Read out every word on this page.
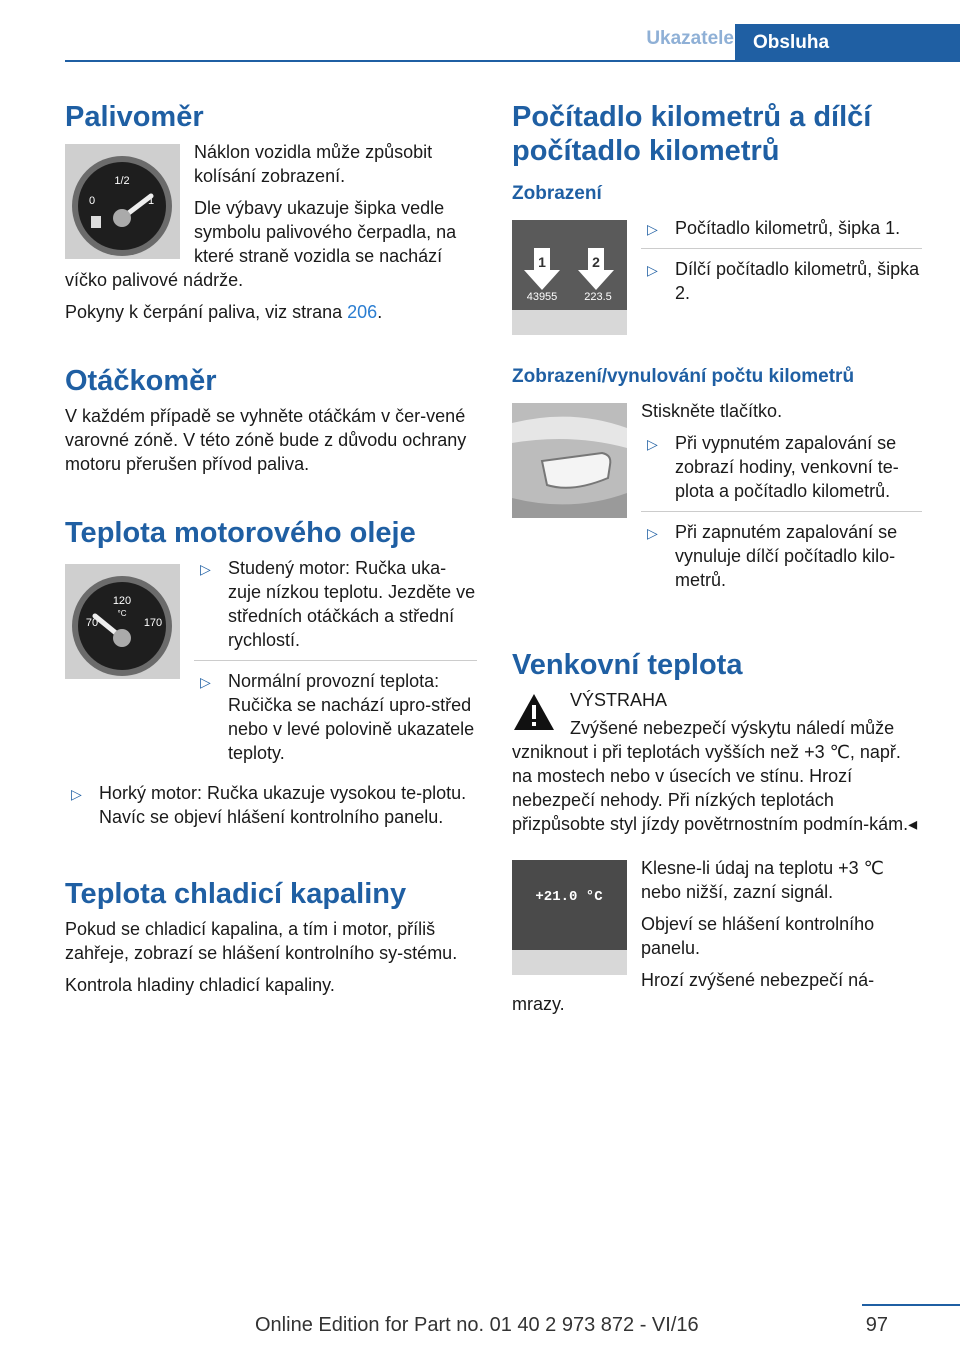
Ukazatele	Obsluha
Palivoměr
1/2
0	1

Náklon vozidla může způsobit kolísání zobrazení.

Dle výbavy ukazuje šipka vedle symbolu palivového čerpadla, na které straně vozidla se nachází víčko palivové nádrže.

Pokyny k čerpání paliva, viz strana 206.

Otáčkoměr

V každém případě se vyhněte otáčkám v čer-vené varovné zóně. V této zóně bude z důvodu ochrany motoru přerušen přívod paliva.

Teplota motorového oleje
120
°C
70	170
▷ Studený motor: Ručka uka-zuje nízkou teplotu. Jezděte ve středních otáčkách a střední rychlostí.
▷ Normální provozní teplota: Ručička se nachází upro-střed nebo v levé polovině ukazatele teploty.
▷ Horký motor: Ručka ukazuje vysokou te-plotu. Navíc se objeví hlášení kontrolního panelu.
Teplota chladicí kapaliny

Pokud se chladicí kapalina, a tím i motor, příliš zahřeje, zobrazí se hlášení kontrolního sy-stému.

Kontrola hladiny chladicí kapaliny.

Počítadlo kilometrů a dílčí počítadlo kilometrů
Zobrazení
1	2
43955 223.5
▷ Počítadlo kilometrů, šipka 1.
▷ Dílčí počítadlo kilometrů, šipka 2.
Zobrazení/vynulování počtu kilometrů

Stiskněte tlačítko.

▷ Při vypnutém zapalování se zobrazí hodiny, venkovní te-plota a počítadlo kilometrů.
▷ Při zapnutém zapalování se vynuluje dílčí počítadlo kilo-metrů.
Venkovní teplota

VÝSTRAHA

Zvýšené nebezpečí výskytu náledí může vzniknout i při teplotách vyšších než +3 ℃, např. na mostech nebo v úsecích ve stínu. Hrozí nebezpečí nehody. Při nízkých teplotách přizpůsobte styl jízdy povětrnostním podmín-kám.◂

+21.0 °C

Klesne-li údaj na teplotu +3 ℃ nebo nižší, zazní signál.

Objeví se hlášení kontrolního panelu.

Hrozí zvýšené nebezpečí ná-mrazy.

Online Edition for Part no. 01 40 2 973 872 - VI/16	97
